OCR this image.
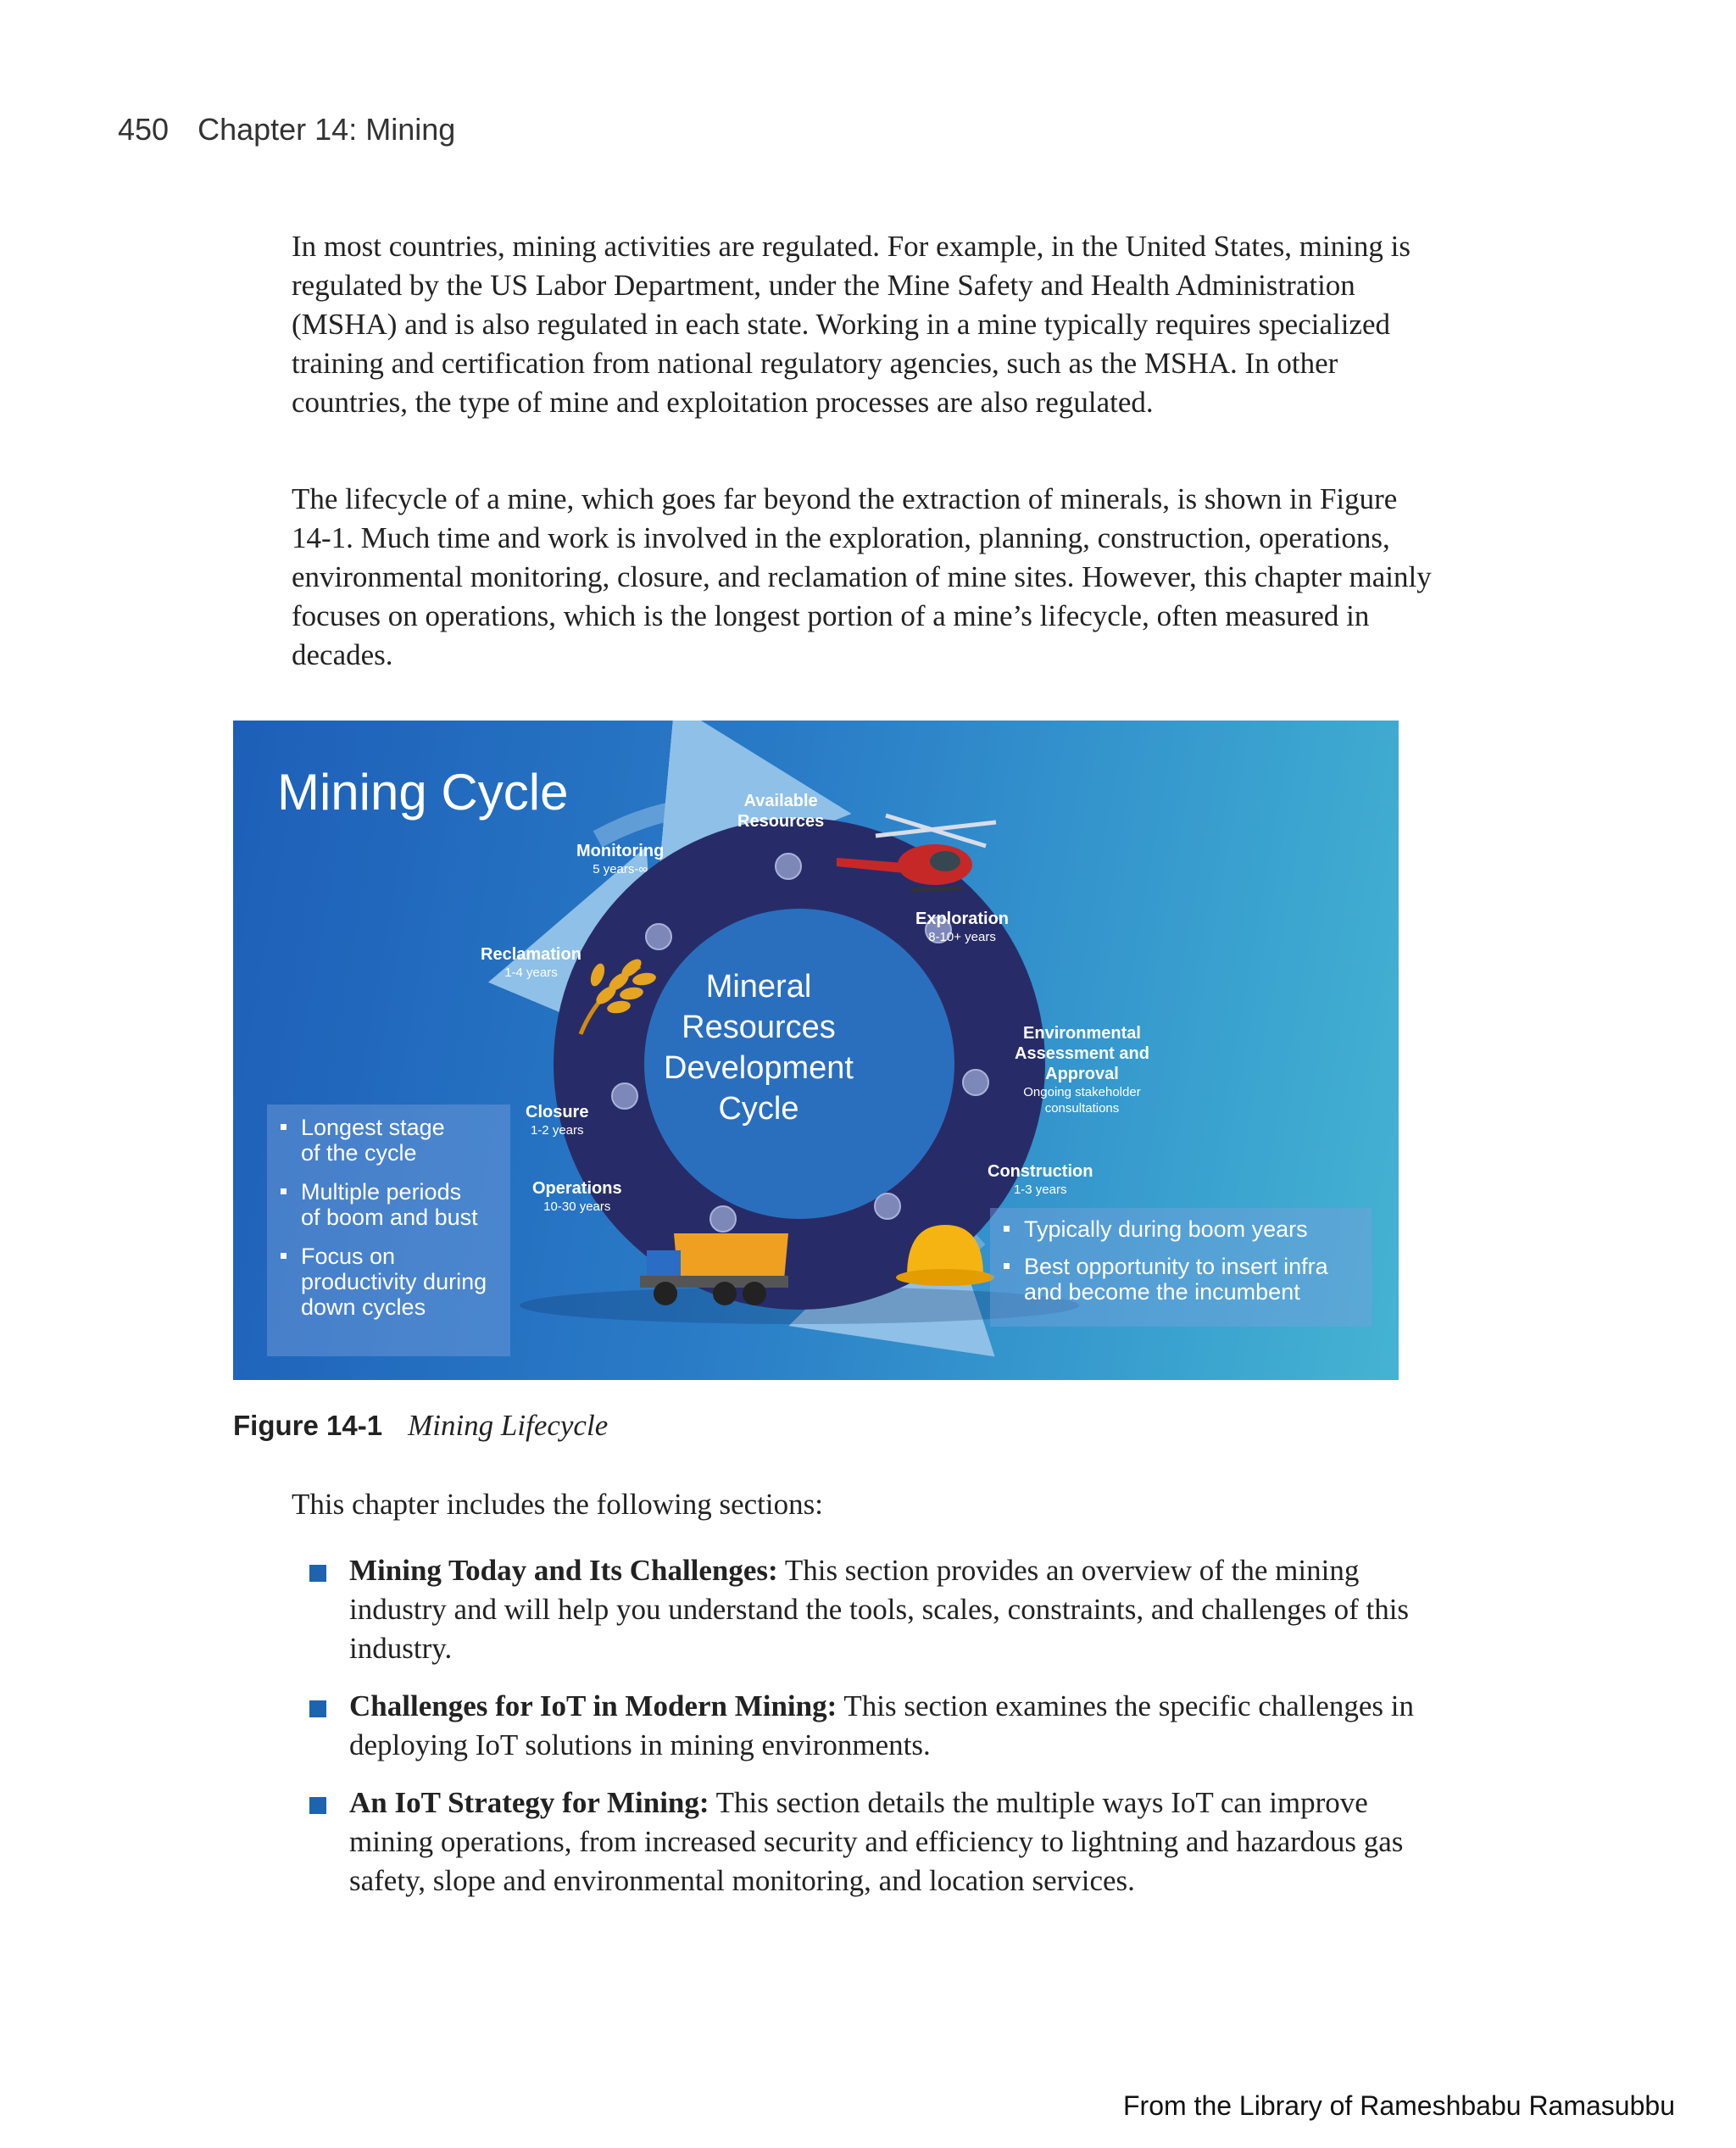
450 Chapter 14: Mining

In most countries, mining activities are regulated. For example, in the United States, mining is regulated by the US Labor Department, under the Mine Safety and Health Administration (MSHA) and is also regulated in each state. Working in a mine typically requires specialized training and certification from national regulatory agencies, such as the MSHA. In other countries, the type of mine and exploitation processes are also regulated.

The lifecycle of a mine, which goes far beyond the extraction of minerals, is shown in Figure 14-1. Much time and work is involved in the exploration, planning, construction, operations, environmental monitoring, closure, and reclamation of mine sites. However, this chapter mainly focuses on operations, which is the longest portion of a mine’s lifecycle, often measured in decades.

Mining Cycle
Mineral
Resources
Development
Cycle
Available
Resources
Exploration
8-10+ years
Environmental
Assessment and
Approval
Ongoing stakeholder
consultations
Construction
1-3 years
Operations
10-30 years
Closure
1-2 years
Reclamation
1-4 years
Monitoring
5 years-∞
Longest stage
of the cycle
Multiple periods
of boom and bust
Focus on
productivity during
down cycles
Typically during boom years
Best opportunity to insert infra
and become the incumbent
Figure 14-1 Mining Lifecycle

This chapter includes the following sections:

Mining Today and Its Challenges: This section provides an overview of the mining industry and will help you understand the tools, scales, constraints, and challenges of this industry.
Challenges for IoT in Modern Mining: This section examines the specific challenges in deploying IoT solutions in mining environments.
An IoT Strategy for Mining: This section details the multiple ways IoT can improve mining operations, from increased security and efficiency to lightning and hazardous gas safety, slope and environmental monitoring, and location services.
From the Library of Rameshbabu Ramasubbu
